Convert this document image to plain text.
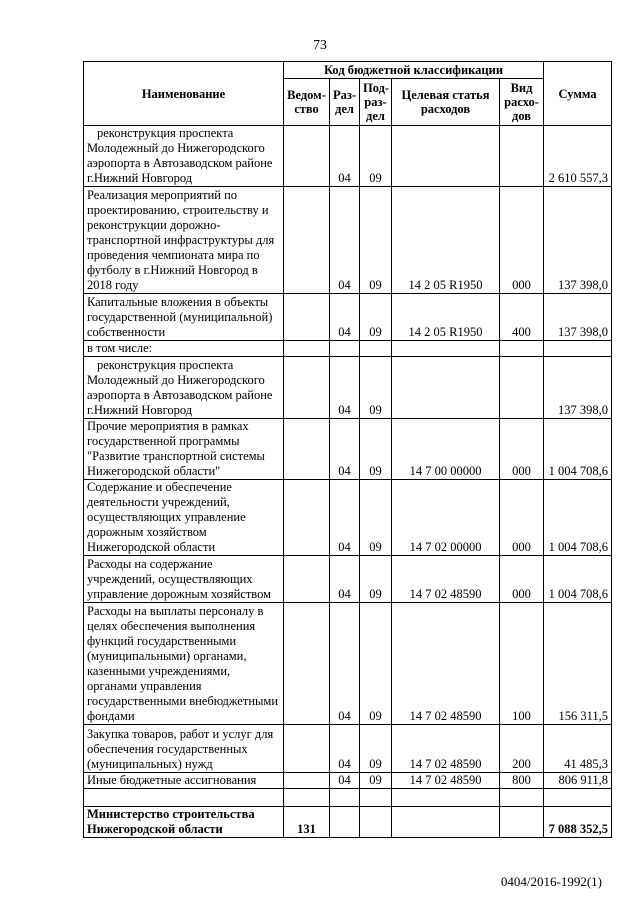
73
Наименование	Код бюджетной классификации					Сумма
	Ведом-ство	Раз-дел	Под-раз-дел	Целевая статья расходов	Вид расхо-дов	
реконструкция проспекта Молодежный до Нижегородского аэропорта в Автозаводском районе г.Нижний Новгород		04	09			2 610 557,3
Реализация мероприятий по проектированию, строительству и реконструкции дорожно-транспортной инфраструктуры для проведения чемпионата мира по футболу в г.Нижний Новгород в 2018 году		04	09	14 2 05 R1950	000	137 398,0
Капитальные вложения в объекты государственной (муниципальной) собственности		04	09	14 2 05 R1950	400	137 398,0
в том числе:						
реконструкция проспекта Молодежный до Нижегородского аэропорта в Автозаводском районе г.Нижний Новгород		04	09			137 398,0
Прочие мероприятия в рамках государственной программы "Развитие транспортной системы Нижегородской области"		04	09	14 7 00 00000	000	1 004 708,6
Содержание и обеспечение деятельности учреждений, осуществляющих управление дорожным хозяйством Нижегородской области		04	09	14 7 02 00000	000	1 004 708,6
Расходы на содержание учреждений, осуществляющих управление дорожным хозяйством		04	09	14 7 02 48590	000	1 004 708,6
Расходы на выплаты персоналу в целях обеспечения выполнения функций государственными (муниципальными) органами, казенными учреждениями, органами управления государственными внебюджетными фондами		04	09	14 7 02 48590	100	156 311,5
Закупка товаров, работ и услуг для обеспечения государственных (муниципальных) нужд		04	09	14 7 02 48590	200	41 485,3
Иные бюджетные ассигнования		04	09	14 7 02 48590	800	806 911,8

Министерство строительства Нижегородской области	131					7 088 352,5
0404/2016-1992(1)
